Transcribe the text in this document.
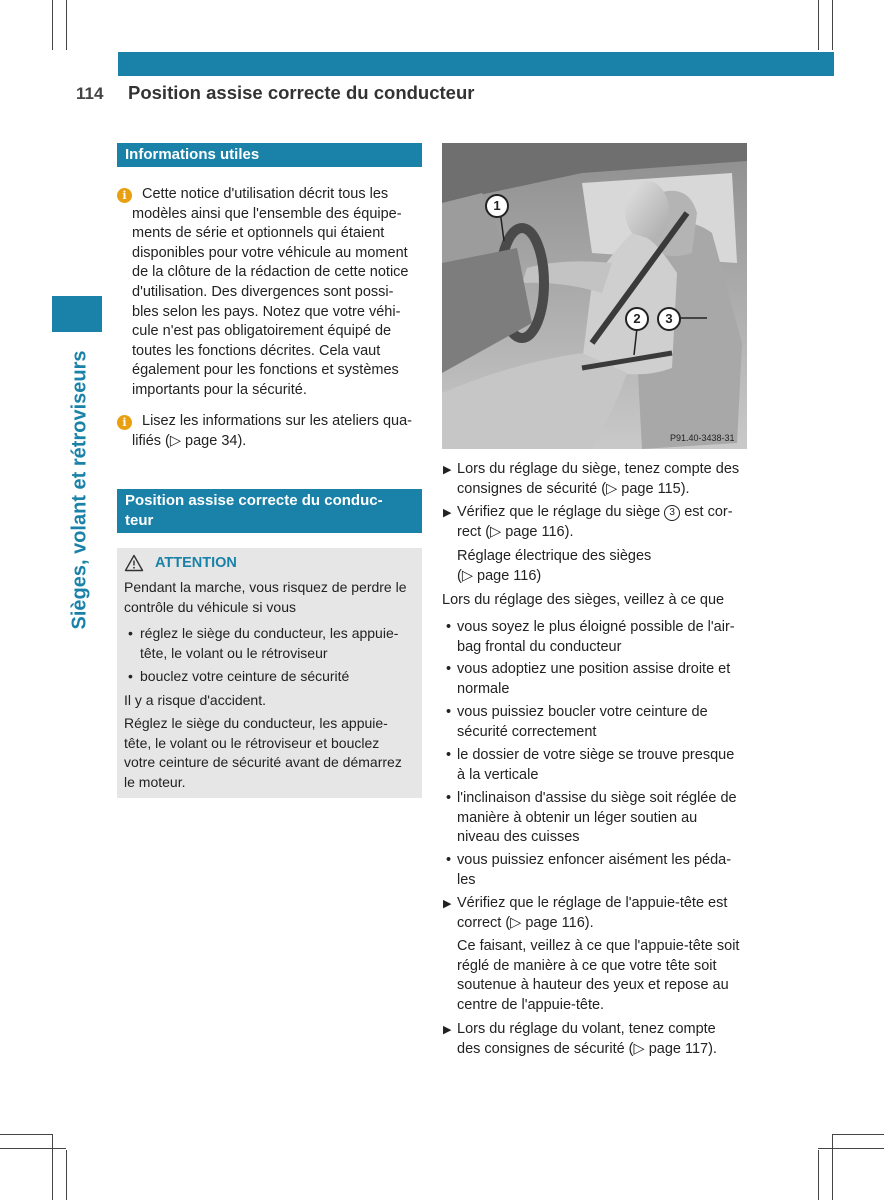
114 Position assise correcte du conducteur
Sièges, volant et rétroviseurs
Informations utiles
i	Cette notice d'utilisation décrit tous les
modèles ainsi que l'ensemble des équipe-
ments de série et optionnels qui étaient
disponibles pour votre véhicule au moment
de la clôture de la rédaction de cette notice
d'utilisation. Des divergences sont possi-
bles selon les pays. Notez que votre véhi-
cule n'est pas obligatoirement équipé de
toutes les fonctions décrites. Cela vaut
également pour les fonctions et systèmes
importants pour la sécurité.
i	Lisez les informations sur les ateliers qua-
lifiés (▷ page 34).
Position assise correcte du conduc-
teur
ATTENTION
Pendant la marche, vous risquez de perdre le
contrôle du véhicule si vous
• réglez le siège du conducteur, les appuie-
tête, le volant ou le rétroviseur
• bouclez votre ceinture de sécurité
Il y a risque d'accident.
Réglez le siège du conducteur, les appuie-
tête, le volant ou le rétroviseur et bouclez
votre ceinture de sécurité avant de démarrez
le moteur.
1
2	3
P91.40-3438-31
▶ Lors du réglage du siège, tenez compte des
consignes de sécurité (▷ page 115).
▶ Vérifiez que le réglage du siège 3 est cor-
rect (▷ page 116).
Réglage électrique des sièges
(▷ page 116)
Lors du réglage des sièges, veillez à ce que
• vous soyez le plus éloigné possible de l'air-
bag frontal du conducteur
• vous adoptiez une position assise droite et
normale
• vous puissiez boucler votre ceinture de
sécurité correctement
• le dossier de votre siège se trouve presque
à la verticale
• l'inclinaison d'assise du siège soit réglée de
manière à obtenir un léger soutien au
niveau des cuisses
• vous puissiez enfoncer aisément les péda-
les
▶ Vérifiez que le réglage de l'appuie-tête est
correct (▷ page 116).
Ce faisant, veillez à ce que l'appuie-tête soit
réglé de manière à ce que votre tête soit
soutenue à hauteur des yeux et repose au
centre de l'appuie-tête.
▶ Lors du réglage du volant, tenez compte
des consignes de sécurité (▷ page 117).
